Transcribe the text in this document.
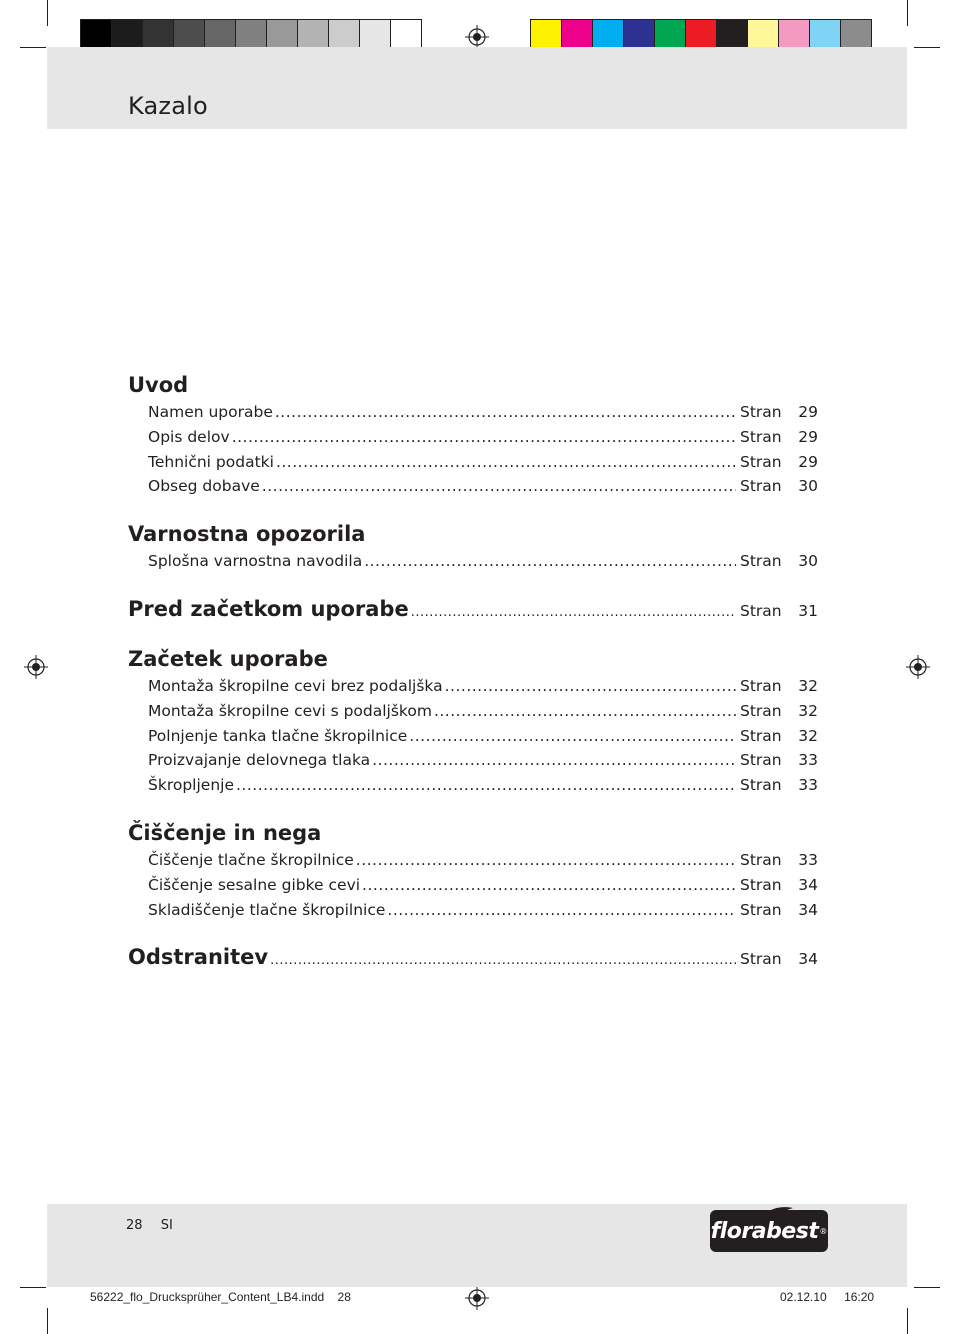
Kazalo
Uvod
Namen uporabe .....	Stran	29
Opis delov .....	Stran	29
Tehnični podatki .....	Stran	29
Obseg dobave .....	Stran	30
Varnostna opozorila
Splošna varnostna navodila .....	Stran	30
Pred začetkom uporabe .....	Stran	31
Začetek uporabe
Montaža škropilne cevi brez podaljška .....	Stran	32
Montaža škropilne cevi s podaljškom .....	Stran	32
Polnjenje tanka tlačne škropilnice .....	Stran	32
Proizvajanje delovnega tlaka .....	Stran	33
Škropljenje .....	Stran	33
Čiščenje in nega
Čiščenje tlačne škropilnice .....	Stran	33
Čiščenje sesalne gibke cevi .....	Stran	34
Skladiščenje tlačne škropilnice .....	Stran	34
Odstranitev .....	Stran	34
28 SI	florabest ®
56222_flo_Drucksprüher_Content_LB4.indd 28	02.12.10 16:20
